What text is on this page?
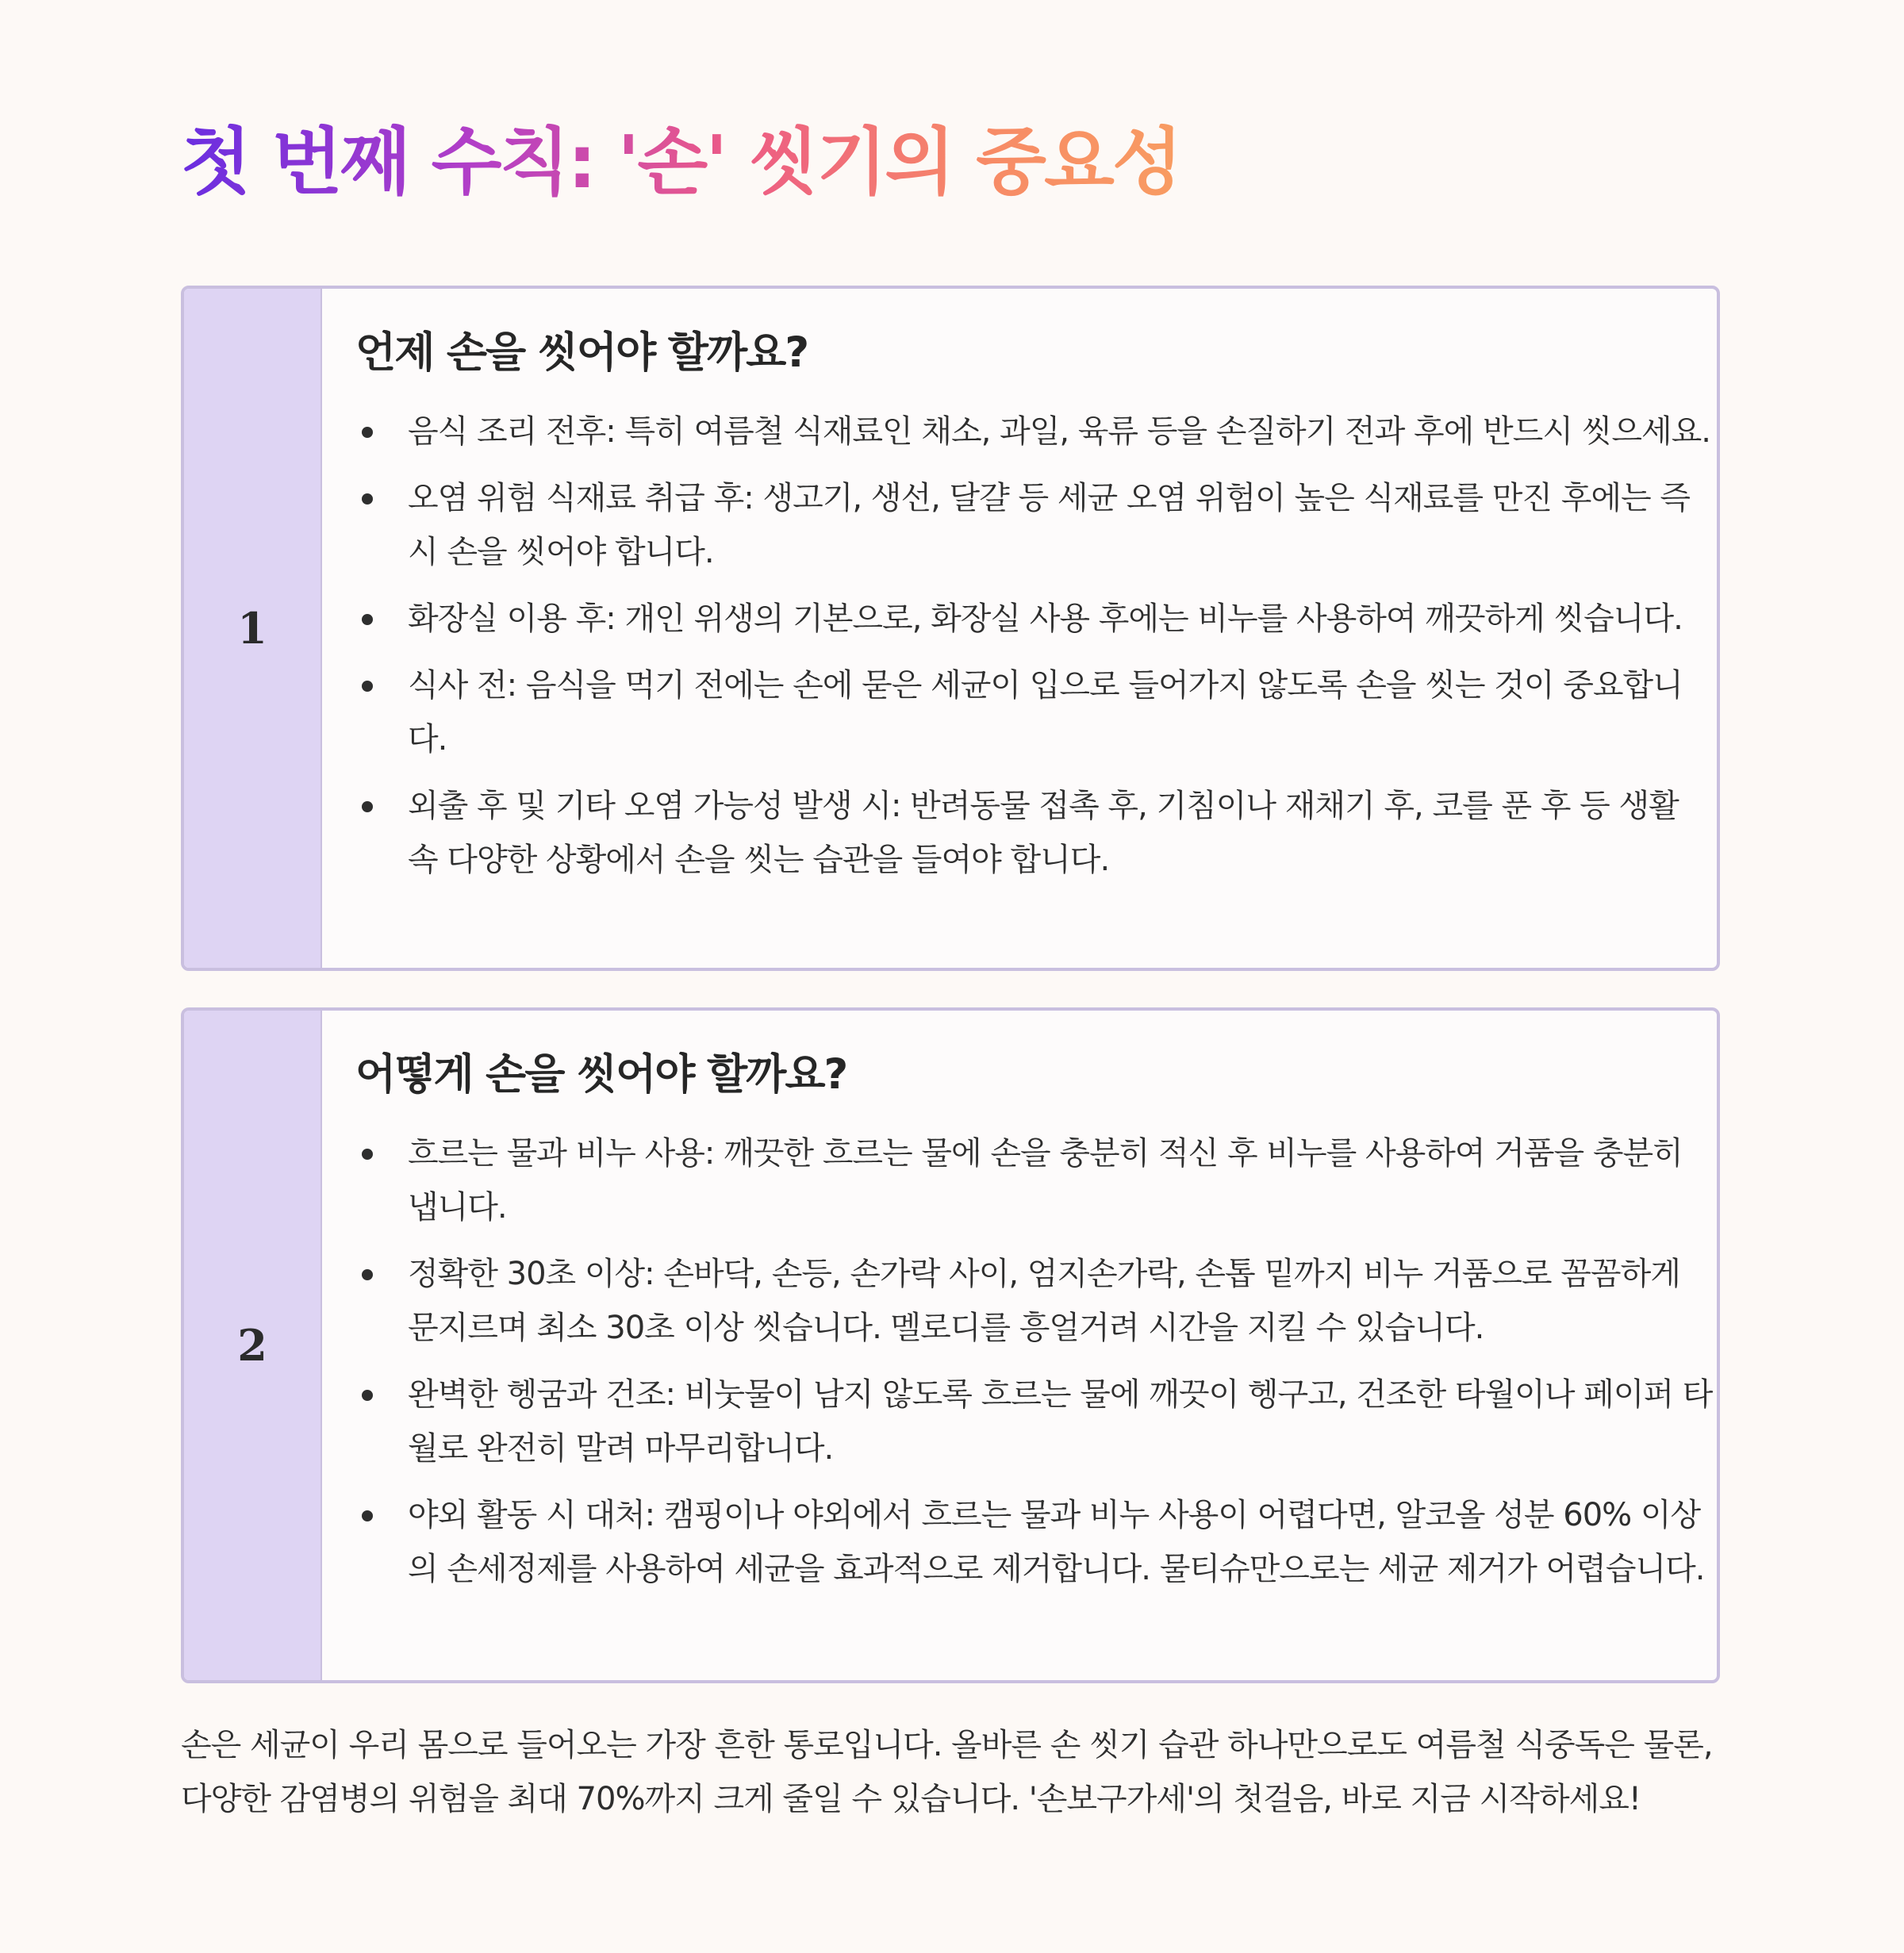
첫 번째 수칙: '손' 씻기의 중요성
1
언제 손을 씻어야 할까요?
음식 조리 전후: 특히 여름철 식재료인 채소, 과일, 육류 등을 손질하기 전과 후에 반드시 씻으세요.
오염 위험 식재료 취급 후: 생고기, 생선, 달걀 등 세균 오염 위험이 높은 식재료를 만진 후에는 즉시 손을 씻어야 합니다.
화장실 이용 후: 개인 위생의 기본으로, 화장실 사용 후에는 비누를 사용하여 깨끗하게 씻습니다.
식사 전: 음식을 먹기 전에는 손에 묻은 세균이 입으로 들어가지 않도록 손을 씻는 것이 중요합니다.
외출 후 및 기타 오염 가능성 발생 시: 반려동물 접촉 후, 기침이나 재채기 후, 코를 푼 후 등 생활 속 다양한 상황에서 손을 씻는 습관을 들여야 합니다.
2
어떻게 손을 씻어야 할까요?
흐르는 물과 비누 사용: 깨끗한 흐르는 물에 손을 충분히 적신 후 비누를 사용하여 거품을 충분히 냅니다.
정확한 30초 이상: 손바닥, 손등, 손가락 사이, 엄지손가락, 손톱 밑까지 비누 거품으로 꼼꼼하게 문지르며 최소 30초 이상 씻습니다. 멜로디를 흥얼거려 시간을 지킬 수 있습니다.
완벽한 헹굼과 건조: 비눗물이 남지 않도록 흐르는 물에 깨끗이 헹구고, 건조한 타월이나 페이퍼 타월로 완전히 말려 마무리합니다.
야외 활동 시 대처: 캠핑이나 야외에서 흐르는 물과 비누 사용이 어렵다면, 알코올 성분 60% 이상의 손세정제를 사용하여 세균을 효과적으로 제거합니다. 물티슈만으로는 세균 제거가 어렵습니다.

손은 세균이 우리 몸으로 들어오는 가장 흔한 통로입니다. 올바른 손 씻기 습관 하나만으로도 여름철 식중독은 물론, 다양한 감염병의 위험을 최대 70%까지 크게 줄일 수 있습니다. '손보구가세'의 첫걸음, 바로 지금 시작하세요!
